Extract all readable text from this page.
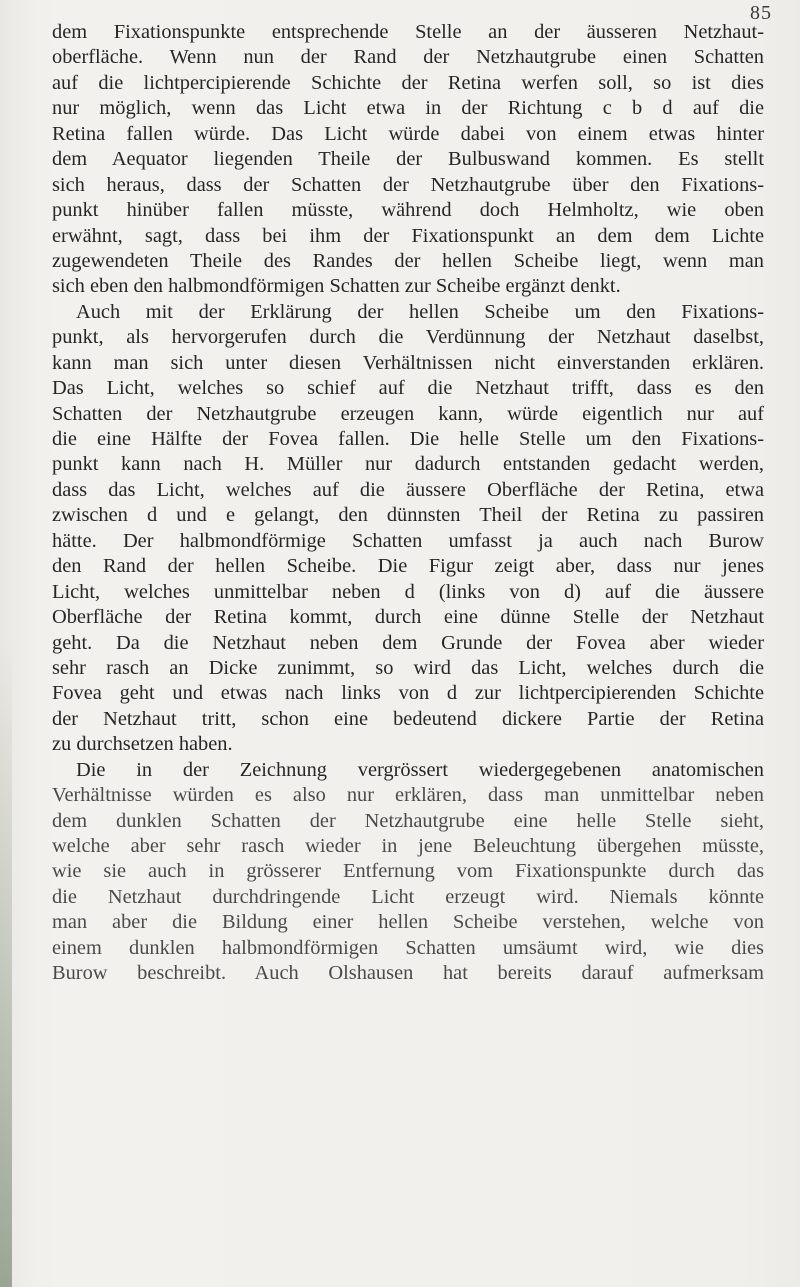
85
dem Fixationspunkte entsprechende Stelle an der äusseren Netzhaut-
oberfläche. Wenn nun der Rand der Netzhautgrube einen Schatten
auf die lichtpercipierende Schichte der Retina werfen soll, so ist dies
nur möglich, wenn das Licht etwa in der Richtung c b d auf die
Retina fallen würde. Das Licht würde dabei von einem etwas hinter
dem Aequator liegenden Theile der Bulbuswand kommen. Es stellt
sich heraus, dass der Schatten der Netzhautgrube über den Fixations-
punkt hinüber fallen müsste, während doch Helmholtz, wie oben
erwähnt, sagt, dass bei ihm der Fixationspunkt an dem dem Lichte
zugewendeten Theile des Randes der hellen Scheibe liegt, wenn man
sich eben den halbmondförmigen Schatten zur Scheibe ergänzt denkt.
Auch mit der Erklärung der hellen Scheibe um den Fixations-
punkt, als hervorgerufen durch die Verdünnung der Netzhaut daselbst,
kann man sich unter diesen Verhältnissen nicht einverstanden erklären.
Das Licht, welches so schief auf die Netzhaut trifft, dass es den
Schatten der Netzhautgrube erzeugen kann, würde eigentlich nur auf
die eine Hälfte der Fovea fallen. Die helle Stelle um den Fixations-
punkt kann nach H. Müller nur dadurch entstanden gedacht werden,
dass das Licht, welches auf die äussere Oberfläche der Retina, etwa
zwischen d und e gelangt, den dünnsten Theil der Retina zu passiren
hätte. Der halbmondförmige Schatten umfasst ja auch nach Burow
den Rand der hellen Scheibe. Die Figur zeigt aber, dass nur jenes
Licht, welches unmittelbar neben d (links von d) auf die äussere
Oberfläche der Retina kommt, durch eine dünne Stelle der Netzhaut
geht. Da die Netzhaut neben dem Grunde der Fovea aber wieder
sehr rasch an Dicke zunimmt, so wird das Licht, welches durch die
Fovea geht und etwas nach links von d zur lichtpercipierenden Schichte
der Netzhaut tritt, schon eine bedeutend dickere Partie der Retina
zu durchsetzen haben.
Die in der Zeichnung vergrössert wiedergegebenen anatomischen
Verhältnisse würden es also nur erklären, dass man unmittelbar neben
dem dunklen Schatten der Netzhautgrube eine helle Stelle sieht,
welche aber sehr rasch wieder in jene Beleuchtung übergehen müsste,
wie sie auch in grösserer Entfernung vom Fixationspunkte durch das
die Netzhaut durchdringende Licht erzeugt wird. Niemals könnte
man aber die Bildung einer hellen Scheibe verstehen, welche von
einem dunklen halbmondförmigen Schatten umsäumt wird, wie dies
Burow beschreibt. Auch Olshausen hat bereits darauf aufmerksam
